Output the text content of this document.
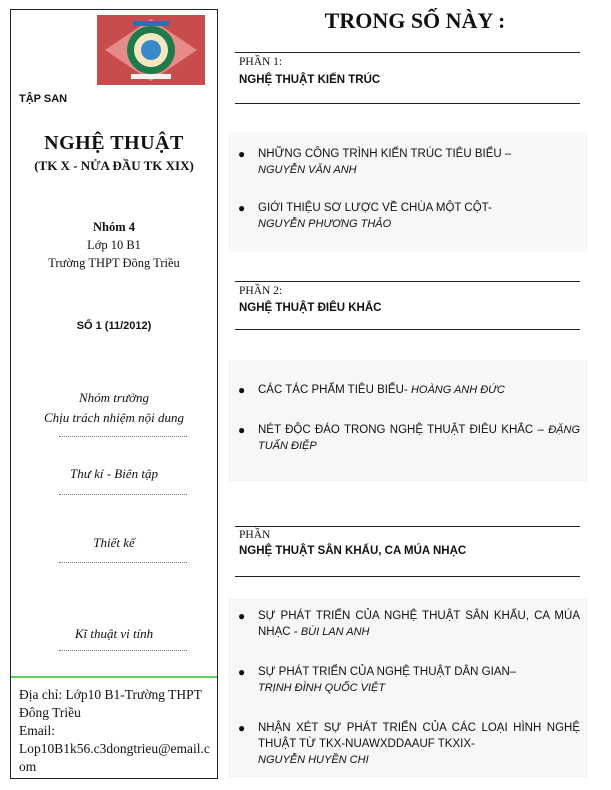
TẬP SAN
NGHỆ THUẬT
(TK X - NỬA ĐẦU TK XIX)
Nhóm 4
Lớp 10 B1
Trường THPT Đông Triều
SỐ 1 (11/2012)
Nhóm trưởng
Chịu trách nhiệm nội dung
Thư kí - Biên tập
Thiết kế
Kĩ thuật vi tính
Địa chỉ: Lớp10 B1-Trường THPT Đông Triều
Email:
Lop10B1k56.c3dongtrieu@email.com
TRONG SỐ NÀY :
PHẦN 1:
NGHỆ THUẬT KIẾN TRÚC
● NHỮNG CÔNG TRÌNH KIẾN TRÚC TIÊU BIỂU –
NGUYỄN VĂN ANH
● GIỚI THIỆU SƠ LƯỢC VỀ CHÙA MỘT CỘT-
NGUYỄN PHƯƠNG THẢO
PHẦN 2:
NGHỆ THUẬT ĐIÊU KHẮC
● CÁC TÁC PHẨM TIÊU BIỂU- HOÀNG ANH ĐỨC
● NÉT ĐỘC ĐÁO TRONG NGHỆ THUẬT ĐIÊU KHẮC – ĐẶNG TUẤN ĐIỆP
PHẦN
NGHỆ THUẬT SÂN KHẤU, CA MÚA NHẠC
● SỰ PHÁT TRIỂN CỦA NGHỆ THUẬT SÂN KHẤU, CA MÚA NHẠC - BÙI LAN ANH
● SỰ PHÁT TRIỂN CỦA NGHỆ THUẬT DÂN GIAN–
TRỊNH ĐÌNH QUỐC VIỆT
● NHẬN XÉT SỰ PHÁT TRIỂN CỦA CÁC LOẠI HÌNH NGHỆ THUẬT TỪ TKX-NUAWXDDAAUF TKXIX-
NGUYỄN HUYỀN CHI
